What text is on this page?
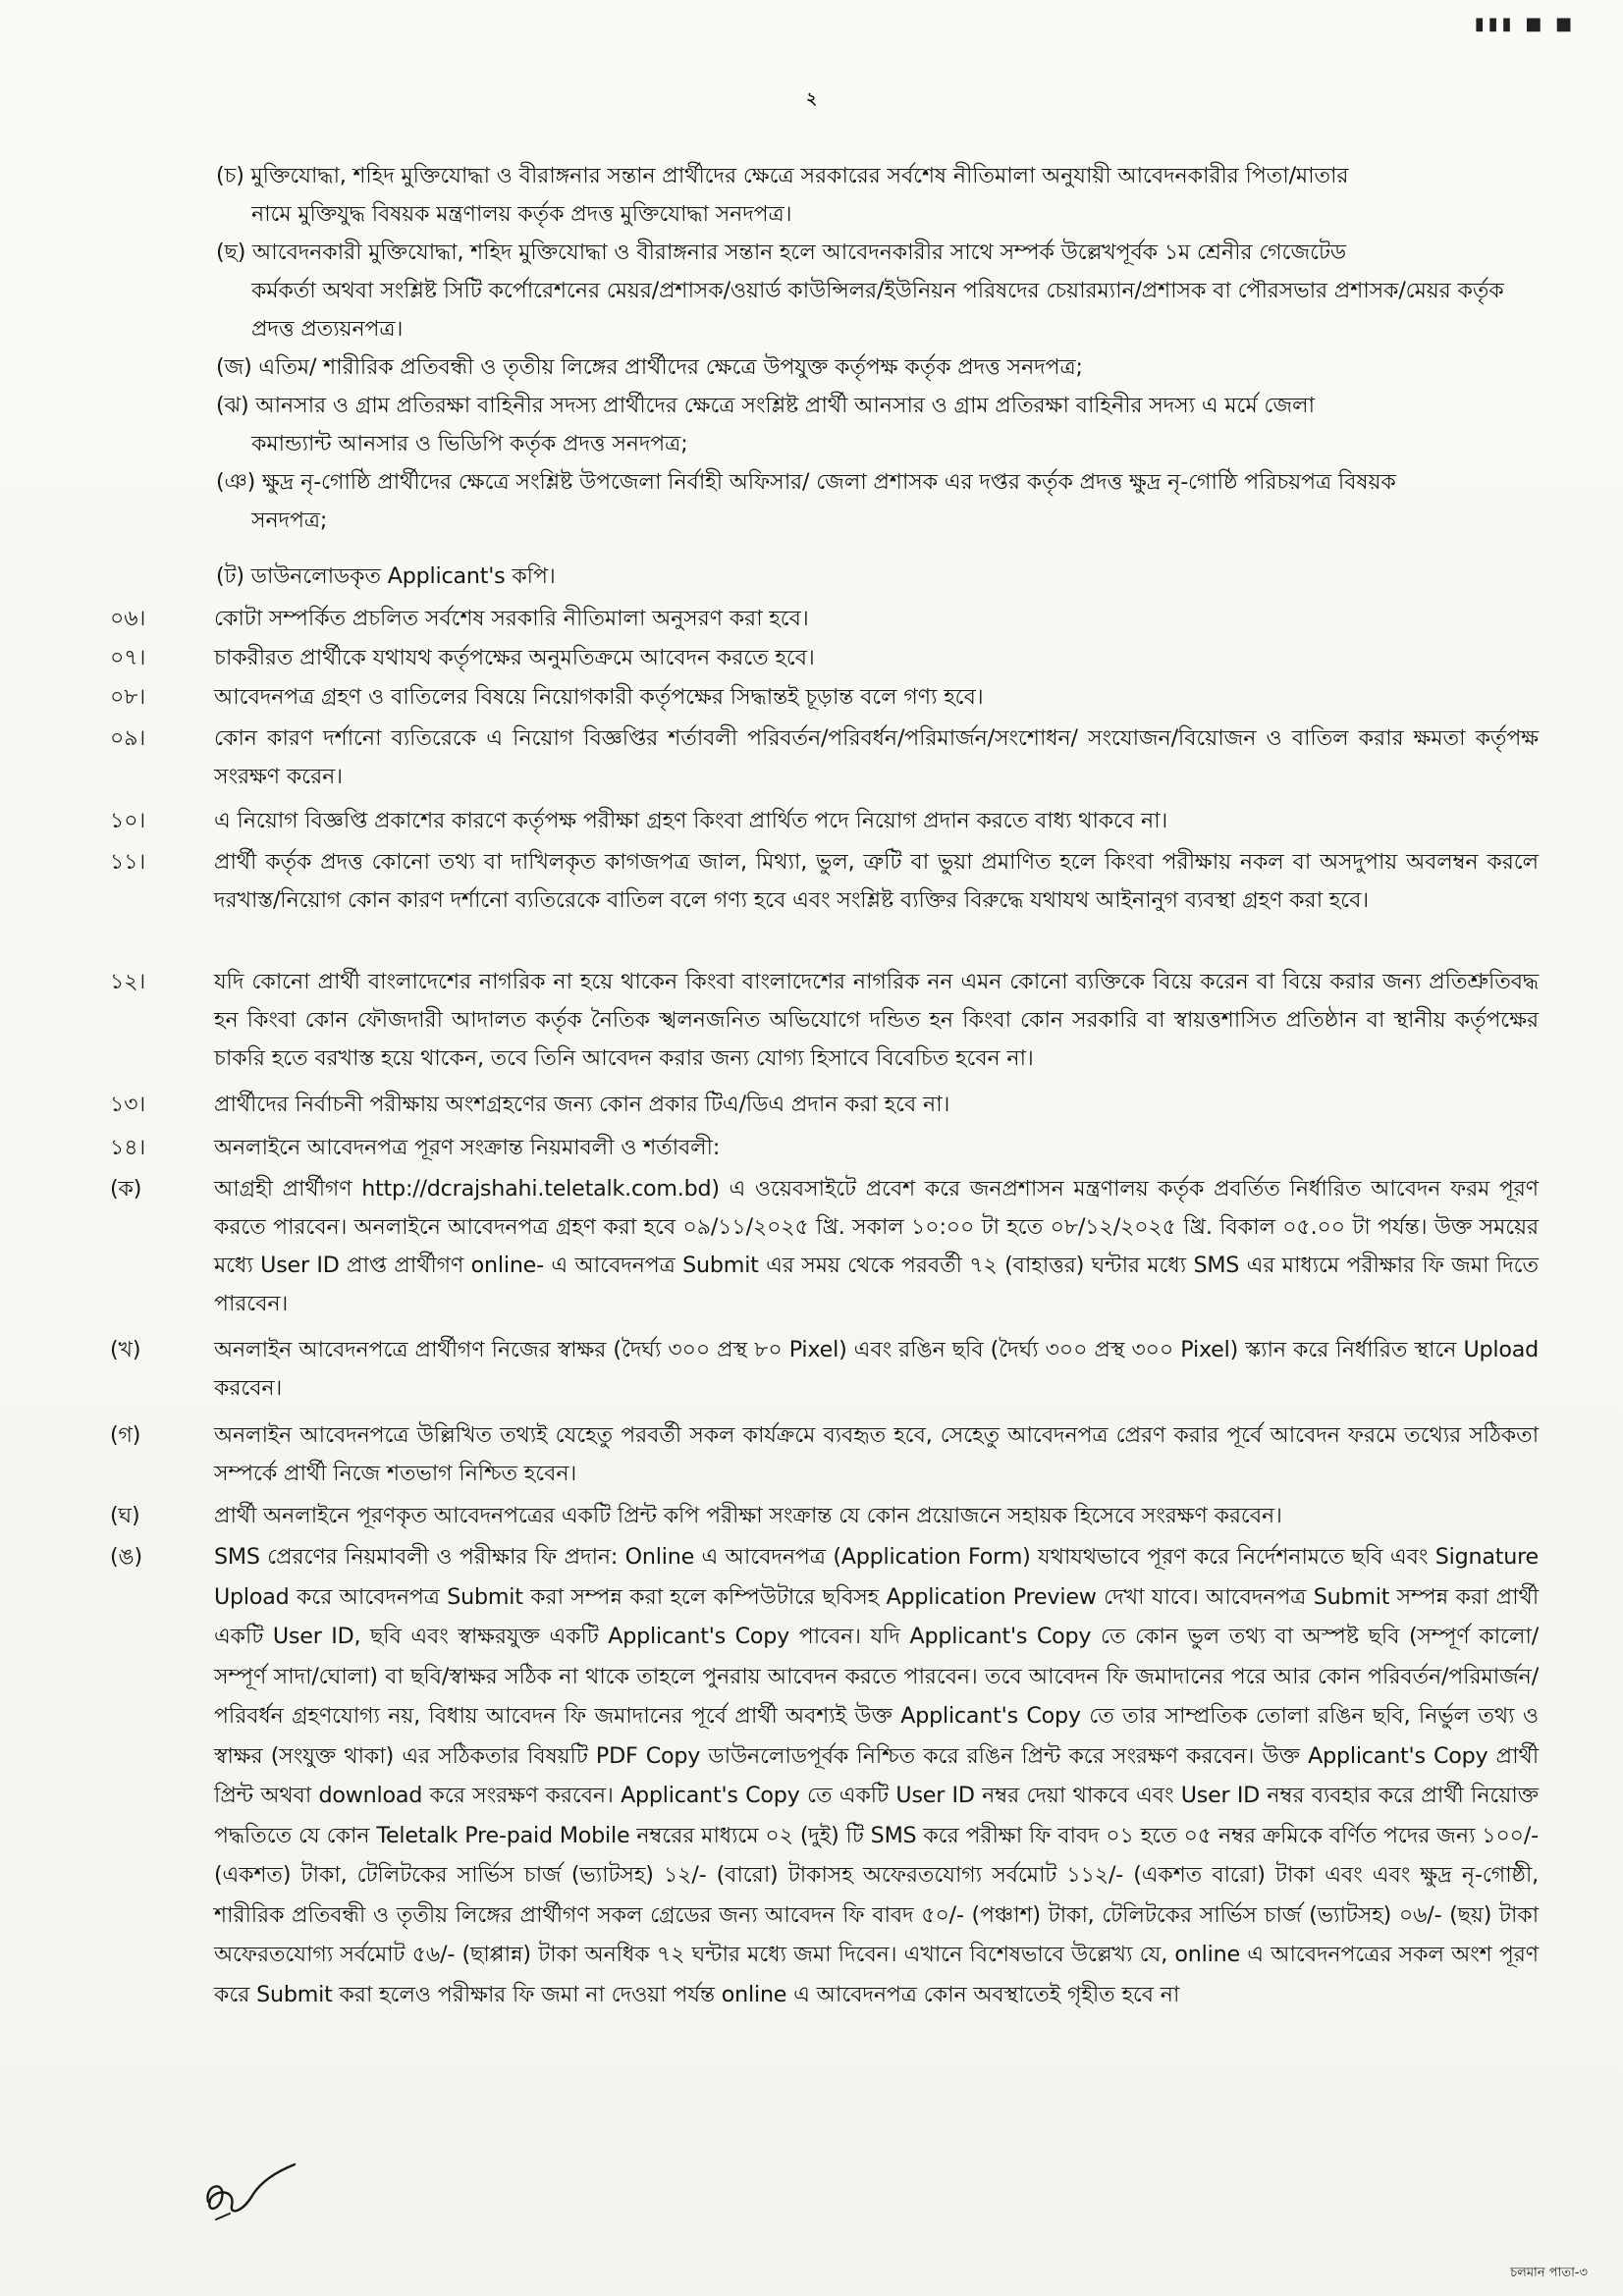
▮▮▮ ■ ■
২
(চ) মুক্তিযোদ্ধা, শহিদ মুক্তিযোদ্ধা ও বীরাঙ্গনার সন্তান প্রার্থীদের ক্ষেত্রে সরকারের সর্বশেষ নীতিমালা অনুযায়ী আবেদনকারীর পিতা/মাতার
নামে মুক্তিযুদ্ধ বিষয়ক মন্ত্রণালয় কর্তৃক প্রদত্ত মুক্তিযোদ্ধা সনদপত্র।
(ছ) আবেদনকারী মুক্তিযোদ্ধা, শহিদ মুক্তিযোদ্ধা ও বীরাঙ্গনার সন্তান হলে আবেদনকারীর সাথে সম্পর্ক উল্লেখপূর্বক ১ম শ্রেনীর গেজেটেড
কর্মকর্তা অথবা সংশ্লিষ্ট সিটি কর্পোরেশনের মেয়র/প্রশাসক/ওয়ার্ড কাউন্সিলর/ইউনিয়ন পরিষদের চেয়ারম্যান/প্রশাসক বা পৌরসভার প্রশাসক/মেয়র কর্তৃক প্রদত্ত প্রত্যয়নপত্র।
(জ) এতিম/ শারীরিক প্রতিবন্ধী ও তৃতীয় লিঙ্গের প্রার্থীদের ক্ষেত্রে উপযুক্ত কর্তৃপক্ষ কর্তৃক প্রদত্ত সনদপত্র;
(ঝ) আনসার ও গ্রাম প্রতিরক্ষা বাহিনীর সদস্য প্রার্থীদের ক্ষেত্রে সংশ্লিষ্ট প্রার্থী আনসার ও গ্রাম প্রতিরক্ষা বাহিনীর সদস্য এ মর্মে জেলা
কমান্ড্যান্ট আনসার ও ভিডিপি কর্তৃক প্রদত্ত সনদপত্র;
(ঞ) ক্ষুদ্র নৃ-গোষ্ঠি প্রার্থীদের ক্ষেত্রে সংশ্লিষ্ট উপজেলা নির্বাহী অফিসার/ জেলা প্রশাসক এর দপ্তর কর্তৃক প্রদত্ত ক্ষুদ্র নৃ-গোষ্ঠি পরিচয়পত্র বিষয়ক
সনদপত্র;
(ট) ডাউনলোডকৃত Applicant's কপি।
০৬।	কোটা সম্পর্কিত প্রচলিত সর্বশেষ সরকারি নীতিমালা অনুসরণ করা হবে।
০৭।	চাকরীরত প্রার্থীকে যথাযথ কর্তৃপক্ষের অনুমতিক্রমে আবেদন করতে হবে।
০৮।	আবেদনপত্র গ্রহণ ও বাতিলের বিষয়ে নিয়োগকারী কর্তৃপক্ষের সিদ্ধান্তই চূড়ান্ত বলে গণ্য হবে।
০৯।	কোন কারণ দর্শানো ব্যতিরেকে এ নিয়োগ বিজ্ঞপ্তির শর্তাবলী পরিবর্তন/পরিবর্ধন/পরিমার্জন/সংশোধন/ সংযোজন/বিয়োজন ও বাতিল করার ক্ষমতা কর্তৃপক্ষ সংরক্ষণ করেন।
১০।	এ নিয়োগ বিজ্ঞপ্তি প্রকাশের কারণে কর্তৃপক্ষ পরীক্ষা গ্রহণ কিংবা প্রার্থিত পদে নিয়োগ প্রদান করতে বাধ্য থাকবে না।
১১।	প্রার্থী কর্তৃক প্রদত্ত কোনো তথ্য বা দাখিলকৃত কাগজপত্র জাল, মিথ্যা, ভুল, ত্রুটি বা ভুয়া প্রমাণিত হলে কিংবা পরীক্ষায় নকল বা অসদুপায় অবলম্বন করলে দরখাস্ত/নিয়োগ কোন কারণ দর্শানো ব্যতিরেকে বাতিল বলে গণ্য হবে এবং সংশ্লিষ্ট ব্যক্তির বিরুদ্ধে যথাযথ আইনানুগ ব্যবস্থা গ্রহণ করা হবে।
১২।	যদি কোনো প্রার্থী বাংলাদেশের নাগরিক না হয়ে থাকেন কিংবা বাংলাদেশের নাগরিক নন এমন কোনো ব্যক্তিকে বিয়ে করেন বা বিয়ে করার জন্য প্রতিশ্রুতিবদ্ধ হন কিংবা কোন ফৌজদারী আদালত কর্তৃক নৈতিক স্খলনজনিত অভিযোগে দন্ডিত হন কিংবা কোন সরকারি বা স্বায়ত্তশাসিত প্রতিষ্ঠান বা স্থানীয় কর্তৃপক্ষের চাকরি হতে বরখাস্ত হয়ে থাকেন, তবে তিনি আবেদন করার জন্য যোগ্য হিসাবে বিবেচিত হবেন না।
১৩।	প্রার্থীদের নির্বাচনী পরীক্ষায় অংশগ্রহণের জন্য কোন প্রকার টিএ/ডিএ প্রদান করা হবে না।
১৪।	অনলাইনে আবেদনপত্র পূরণ সংক্রান্ত নিয়মাবলী ও শর্তাবলী:
(ক)	আগ্রহী প্রার্থীগণ http://dcrajshahi.teletalk.com.bd) এ ওয়েবসাইটে প্রবেশ করে জনপ্রশাসন মন্ত্রণালয় কর্তৃক প্রবর্তিত নির্ধারিত আবেদন ফরম পূরণ করতে পারবেন। অনলাইনে আবেদনপত্র গ্রহণ করা হবে ০৯/১১/২০২৫ খ্রি. সকাল ১০:০০ টা হতে ০৮/১২/২০২৫ খ্রি. বিকাল ০৫.০০ টা পর্যন্ত। উক্ত সময়ের মধ্যে User ID প্রাপ্ত প্রার্থীগণ online- এ আবেদনপত্র Submit এর সময় থেকে পরবর্তী ৭২ (বাহাত্তর) ঘন্টার মধ্যে SMS এর মাধ্যমে পরীক্ষার ফি জমা দিতে পারবেন।
(খ)	অনলাইন আবেদনপত্রে প্রার্থীগণ নিজের স্বাক্ষর (দৈর্ঘ্য ৩০০ প্রস্থ ৮০ Pixel) এবং রঙিন ছবি (দৈর্ঘ্য ৩০০ প্রস্থ ৩০০ Pixel) স্ক্যান করে নির্ধারিত স্থানে Upload করবেন।
(গ)	অনলাইন আবেদনপত্রে উল্লিখিত তথ্যই যেহেতু পরবর্তী সকল কার্যক্রমে ব্যবহৃত হবে, সেহেতু আবেদনপত্র প্রেরণ করার পূর্বে আবেদন ফরমে তথ্যের সঠিকতা সম্পর্কে প্রার্থী নিজে শতভাগ নিশ্চিত হবেন।
(ঘ)	প্রার্থী অনলাইনে পূরণকৃত আবেদনপত্রের একটি প্রিন্ট কপি পরীক্ষা সংক্রান্ত যে কোন প্রয়োজনে সহায়ক হিসেবে সংরক্ষণ করবেন।
(ঙ)	SMS প্রেরণের নিয়মাবলী ও পরীক্ষার ফি প্রদান: Online এ আবেদনপত্র (Application Form) যথাযথভাবে পূরণ করে নির্দেশনামতে ছবি এবং Signature Upload করে আবেদনপত্র Submit করা সম্পন্ন করা হলে কম্পিউটারে ছবিসহ Application Preview দেখা যাবে। আবেদনপত্র Submit সম্পন্ন করা প্রার্থী একটি User ID, ছবি এবং স্বাক্ষরযুক্ত একটি Applicant's Copy পাবেন। যদি Applicant's Copy তে কোন ভুল তথ্য বা অস্পষ্ট ছবি (সম্পূর্ণ কালো/ সম্পূর্ণ সাদা/ঘোলা) বা ছবি/স্বাক্ষর সঠিক না থাকে তাহলে পুনরায় আবেদন করতে পারবেন। তবে আবেদন ফি জমাদানের পরে আর কোন পরিবর্তন/পরিমার্জন/পরিবর্ধন গ্রহণযোগ্য নয়, বিধায় আবেদন ফি জমাদানের পূর্বে প্রার্থী অবশ্যই উক্ত Applicant's Copy তে তার সাম্প্রতিক তোলা রঙিন ছবি, নির্ভুল তথ্য ও স্বাক্ষর (সংযুক্ত থাকা) এর সঠিকতার বিষয়টি PDF Copy ডাউনলোডপূর্বক নিশ্চিত করে রঙিন প্রিন্ট করে সংরক্ষণ করবেন। উক্ত Applicant's Copy প্রার্থী প্রিন্ট অথবা download করে সংরক্ষণ করবেন। Applicant's Copy তে একটি User ID নম্বর দেয়া থাকবে এবং User ID নম্বর ব্যবহার করে প্রার্থী নিয়োক্ত পদ্ধতিতে যে কোন Teletalk Pre-paid Mobile নম্বরের মাধ্যমে ০২ (দুই) টি SMS করে পরীক্ষা ফি বাবদ ০১ হতে ০৫ নম্বর ক্রমিকে বর্ণিত পদের জন্য ১০০/- (একশত) টাকা, টেলিটকের সার্ভিস চার্জ (ভ্যাটসহ) ১২/- (বারো) টাকাসহ অফেরতযোগ্য সর্বমোট ১১২/- (একশত বারো) টাকা এবং এবং ক্ষুদ্র নৃ-গোষ্ঠী, শারীরিক প্রতিবন্ধী ও তৃতীয় লিঙ্গের প্রার্থীগণ সকল গ্রেডের জন্য আবেদন ফি বাবদ ৫০/- (পঞ্চাশ) টাকা, টেলিটকের সার্ভিস চার্জ (ভ্যাটসহ) ০৬/- (ছয়) টাকা অফেরতযোগ্য সর্বমোট ৫৬/- (ছাপ্পান্ন) টাকা অনধিক ৭২ ঘন্টার মধ্যে জমা দিবেন। এখানে বিশেষভাবে উল্লেখ্য যে, online এ আবেদনপত্রের সকল অংশ পূরণ করে Submit করা হলেও পরীক্ষার ফি জমা না দেওয়া পর্যন্ত online এ আবেদনপত্র কোন অবস্থাতেই গৃহীত হবে না
চলমান পাতা-৩
